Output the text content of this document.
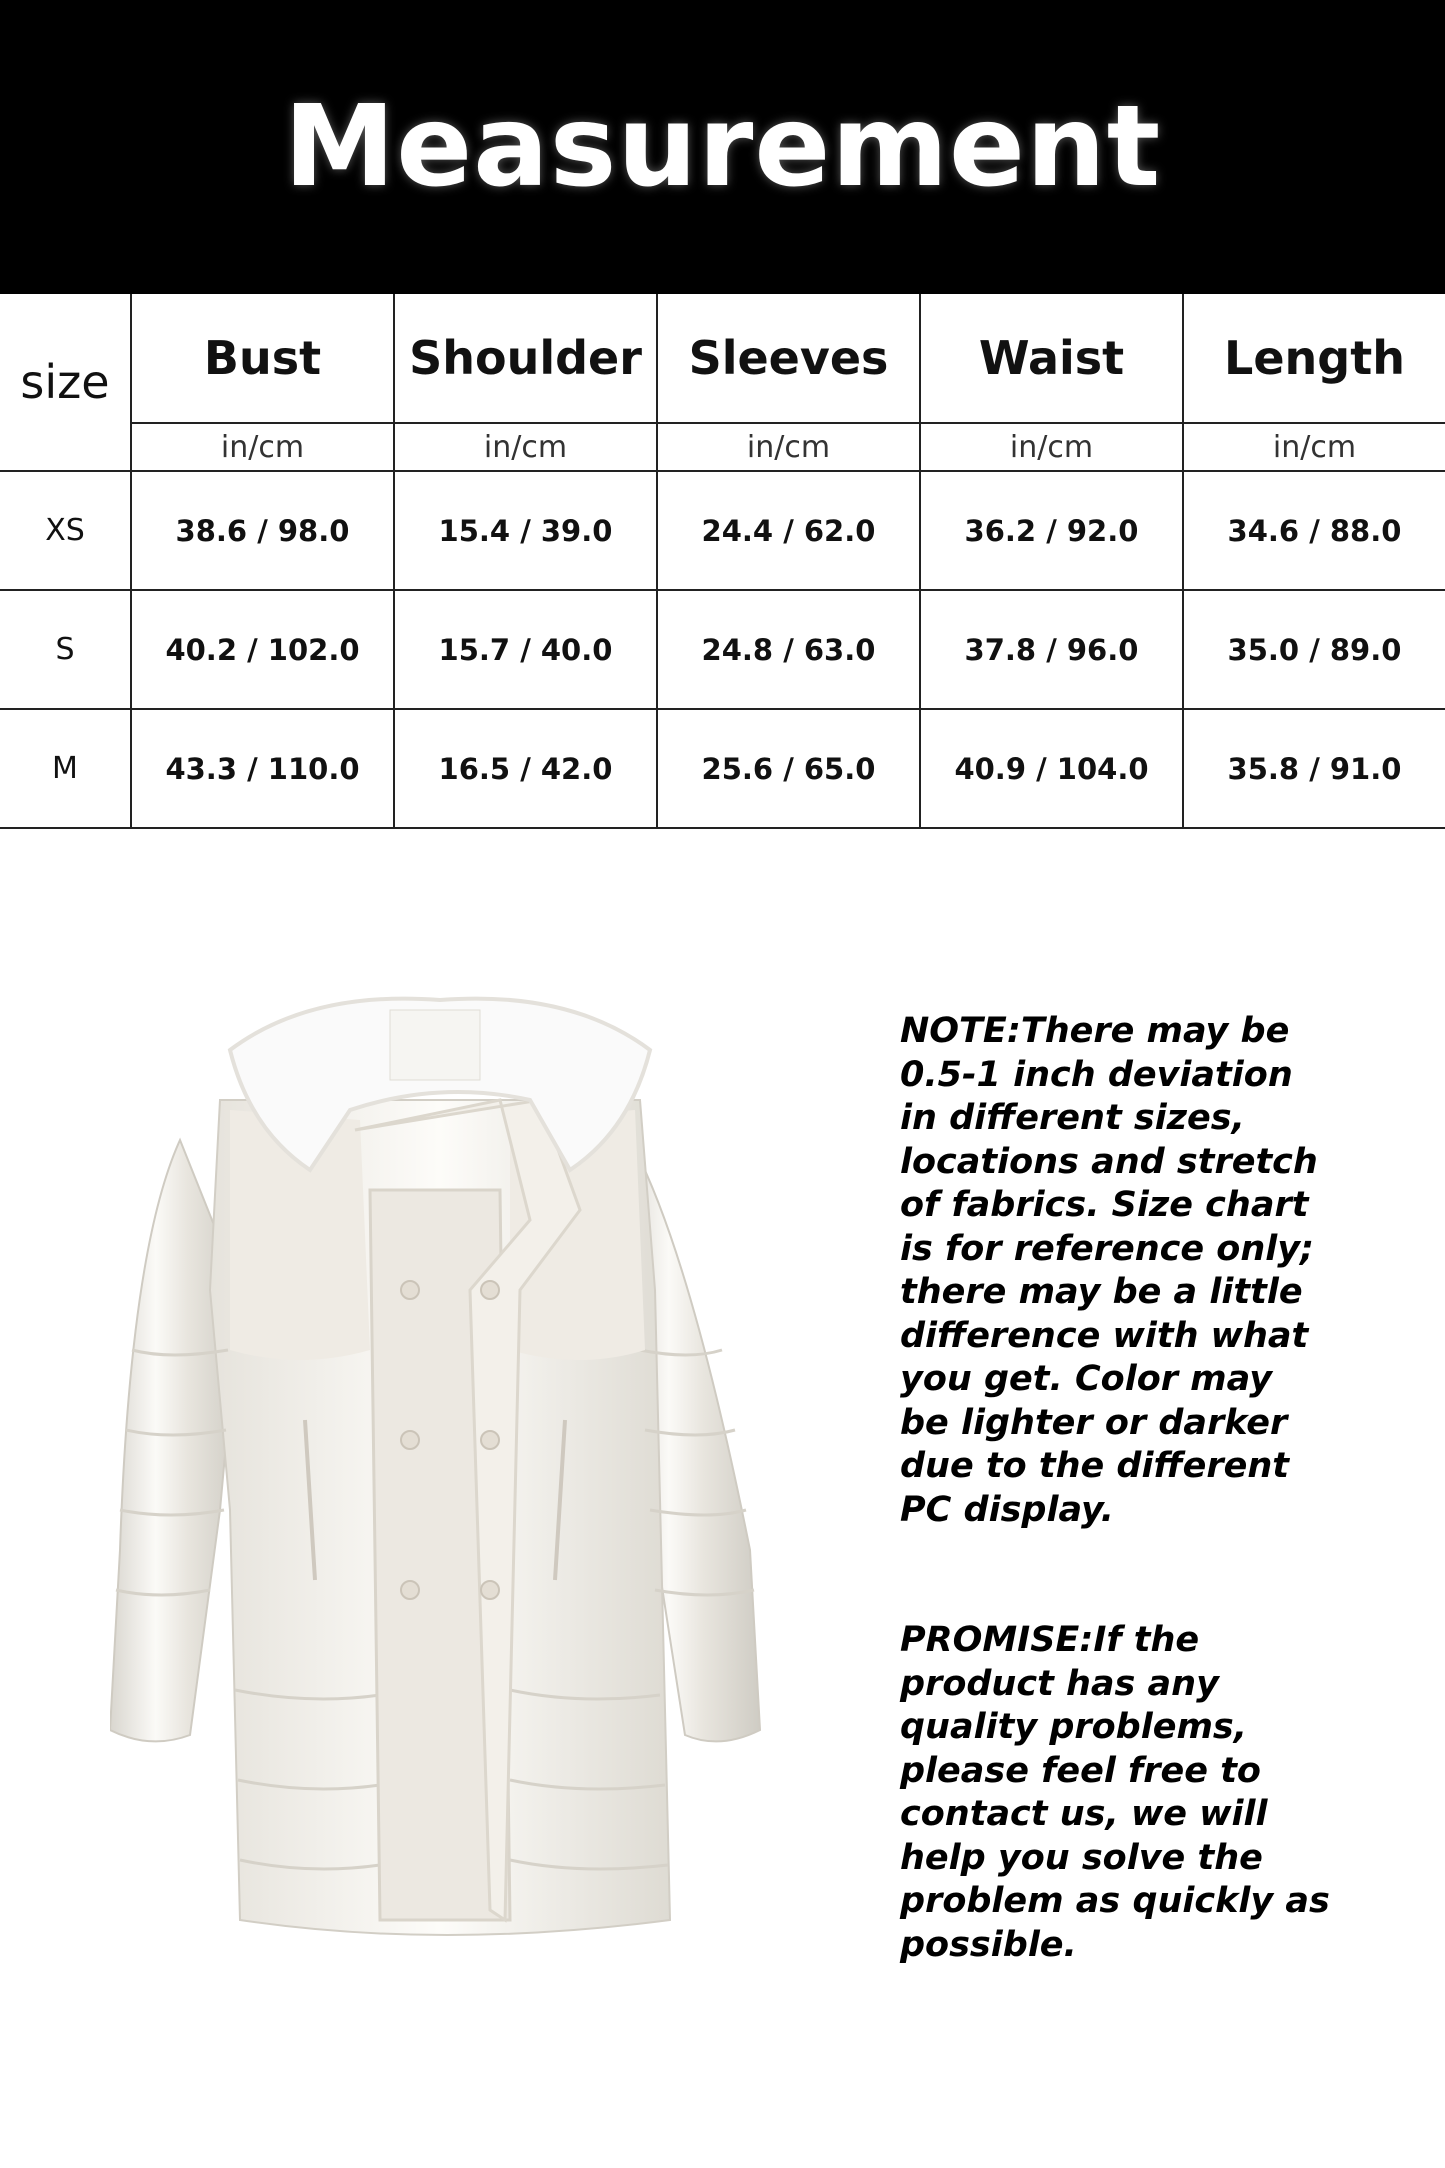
Measurement
size	Bust	Shoulder	Sleeves	Waist	Length
	in/cm	in/cm	in/cm	in/cm	in/cm
XS	38.6 / 98.0	15.4 / 39.0	24.4 / 62.0	36.2 / 92.0	34.6 / 88.0
S	40.2 / 102.0	15.7 / 40.0	24.8 / 63.0	37.8 / 96.0	35.0 / 89.0
M	43.3 / 110.0	16.5 / 42.0	25.6 / 65.0	40.9 / 104.0	35.8 / 91.0

NOTE:There may be 0.5-1 inch deviation in different sizes, locations and stretch of fabrics. Size chart is for reference only; there may be a little difference with what you get. Color may be lighter or darker due to the different PC display.

PROMISE:If the product has any quality problems, please feel free to contact us, we will help you solve the problem as quickly as possible.
